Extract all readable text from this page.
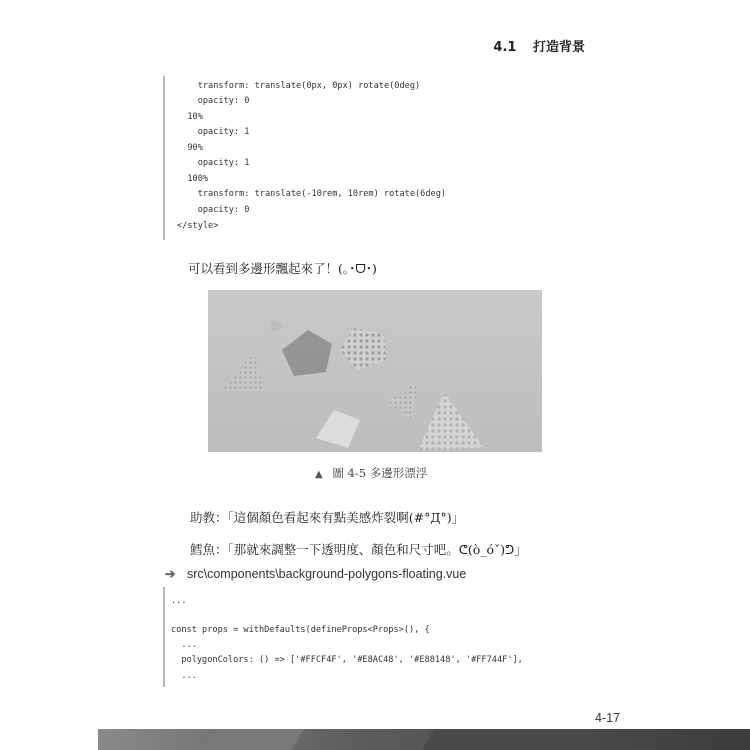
4.1 打造背景
transform: translate(0px, 0px) rotate(0deg)
opacity: 0
10%
opacity: 1
90%
opacity: 1
100%
transform: translate(-10rem, 10rem) rotate(6deg)
opacity: 0
</style>
可以看到多邊形飄起來了！(｡･ᗜ･)
▲ 圖 4-5 多邊形漂浮
助教：「這個顏色看起來有點美感炸裂啊(#°Д°)」
鱈魚：「那就來調整一下透明度、顏色和尺寸吧。ᕦ(ò_óˇ)ᕤ」
➔ src\components\background-polygons-floating.vue
...
const props = withDefaults(defineProps<Props>(), {
...
polygonColors: () => ['#FFCF4F', '#E8AC48', '#E88148', '#FF744F'],
...
4-17
